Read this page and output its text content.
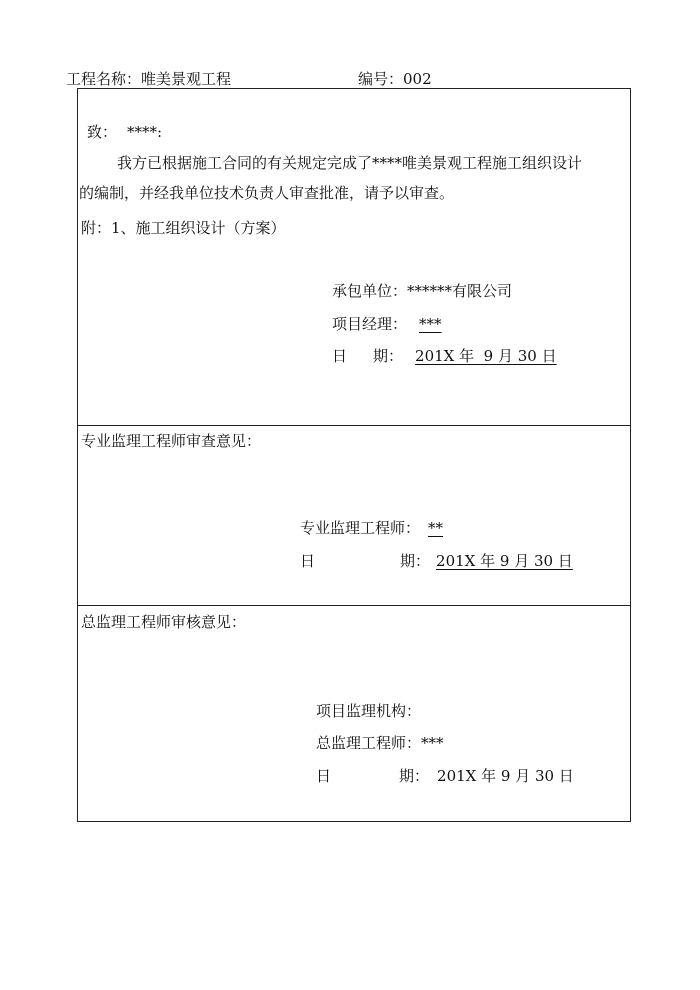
工程名称：唯美景观工程	编号：002
致： ****:
我方已根据施工合同的有关规定完成了****唯美景观工程施工组织设计
的编制，并经我单位技术负责人审查批准，请予以审查。
附：1、施工组织设计（方案）
承包单位：******有限公司
项目经理： ***
日 期： 201X 年  9 月 30 日
专业监理工程师审查意见：
专业监理工程师： **
日	期： 201X 年 9 月 30 日
总监理工程师审核意见：
项目监理机构：
总监理工程师：***
日	期： 201X 年 9 月 30 日
